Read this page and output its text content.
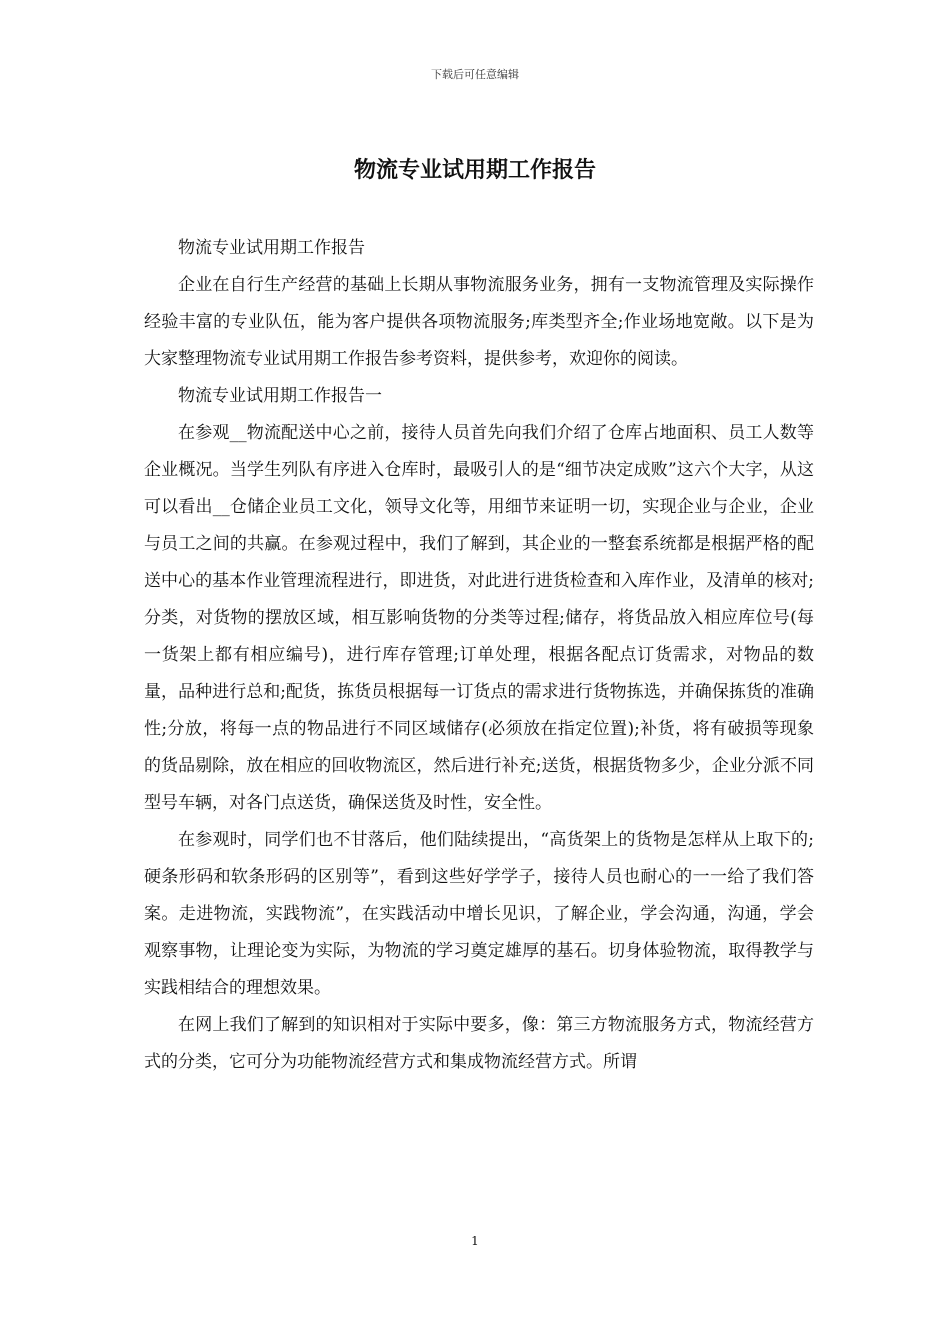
下载后可任意编辑
物流专业试用期工作报告

物流专业试用期工作报告

企业在自行生产经营的基础上长期从事物流服务业务，拥有一支物流管理及实际操作经验丰富的专业队伍，能为客户提供各项物流服务;库类型齐全;作业场地宽敞。以下是为大家整理物流专业试用期工作报告参考资料，提供参考，欢迎你的阅读。

物流专业试用期工作报告一

在参观__物流配送中心之前，接待人员首先向我们介绍了仓库占地面积、员工人数等企业概况。当学生列队有序进入仓库时，最吸引人的是“细节决定成败”这六个大字，从这可以看出__仓储企业员工文化，领导文化等，用细节来证明一切，实现企业与企业，企业与员工之间的共赢。在参观过程中，我们了解到，其企业的一整套系统都是根据严格的配送中心的基本作业管理流程进行，即进货，对此进行进货检查和入库作业，及清单的核对;分类，对货物的摆放区域，相互影响货物的分类等过程;储存，将货品放入相应库位号(每一货架上都有相应编号)，进行库存管理;订单处理，根据各配点订货需求，对物品的数量，品种进行总和;配货，拣货员根据每一订货点的需求进行货物拣选，并确保拣货的准确性;分放，将每一点的物品进行不同区域储存(必须放在指定位置);补货，将有破损等现象的货品剔除，放在相应的回收物流区，然后进行补充;送货，根据货物多少，企业分派不同型号车辆，对各门点送货，确保送货及时性，安全性。

在参观时，同学们也不甘落后，他们陆续提出，“高货架上的货物是怎样从上取下的;硬条形码和软条形码的区别等”，看到这些好学学子，接待人员也耐心的一一给了我们答案。走进物流，实践物流”，在实践活动中增长见识，了解企业，学会沟通，沟通，学会观察事物，让理论变为实际，为物流的学习奠定雄厚的基石。切身体验物流，取得教学与实践相结合的理想效果。

在网上我们了解到的知识相对于实际中要多，像：第三方物流服务方式，物流经营方式的分类，它可分为功能物流经营方式和集成物流经营方式。所谓

1
